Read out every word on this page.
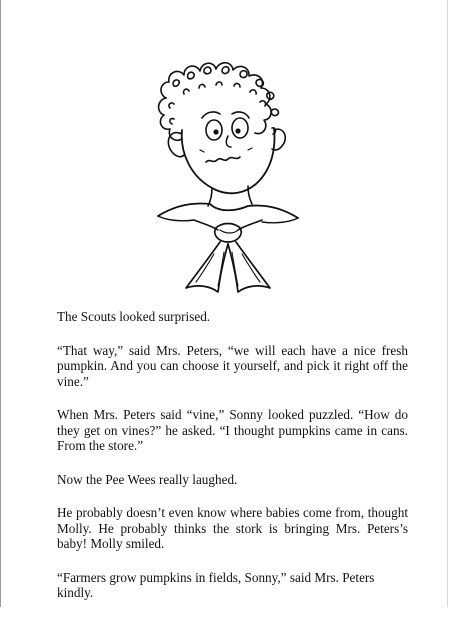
The Scouts looked surprised.

“That way,” said Mrs. Peters, “we will each have a nice fresh pumpkin. And you can choose it yourself, and pick it right off the vine.”

When Mrs. Peters said “vine,” Sonny looked puzzled. “How do they get on vines?” he asked. “I thought pumpkins came in cans. From the store.”

Now the Pee Wees really laughed.

He probably doesn’t even know where babies come from, thought Molly. He probably thinks the stork is bringing Mrs. Peters’s baby! Molly smiled.

“Farmers grow pumpkins in fields, Sonny,” said Mrs. Peters kindly.
